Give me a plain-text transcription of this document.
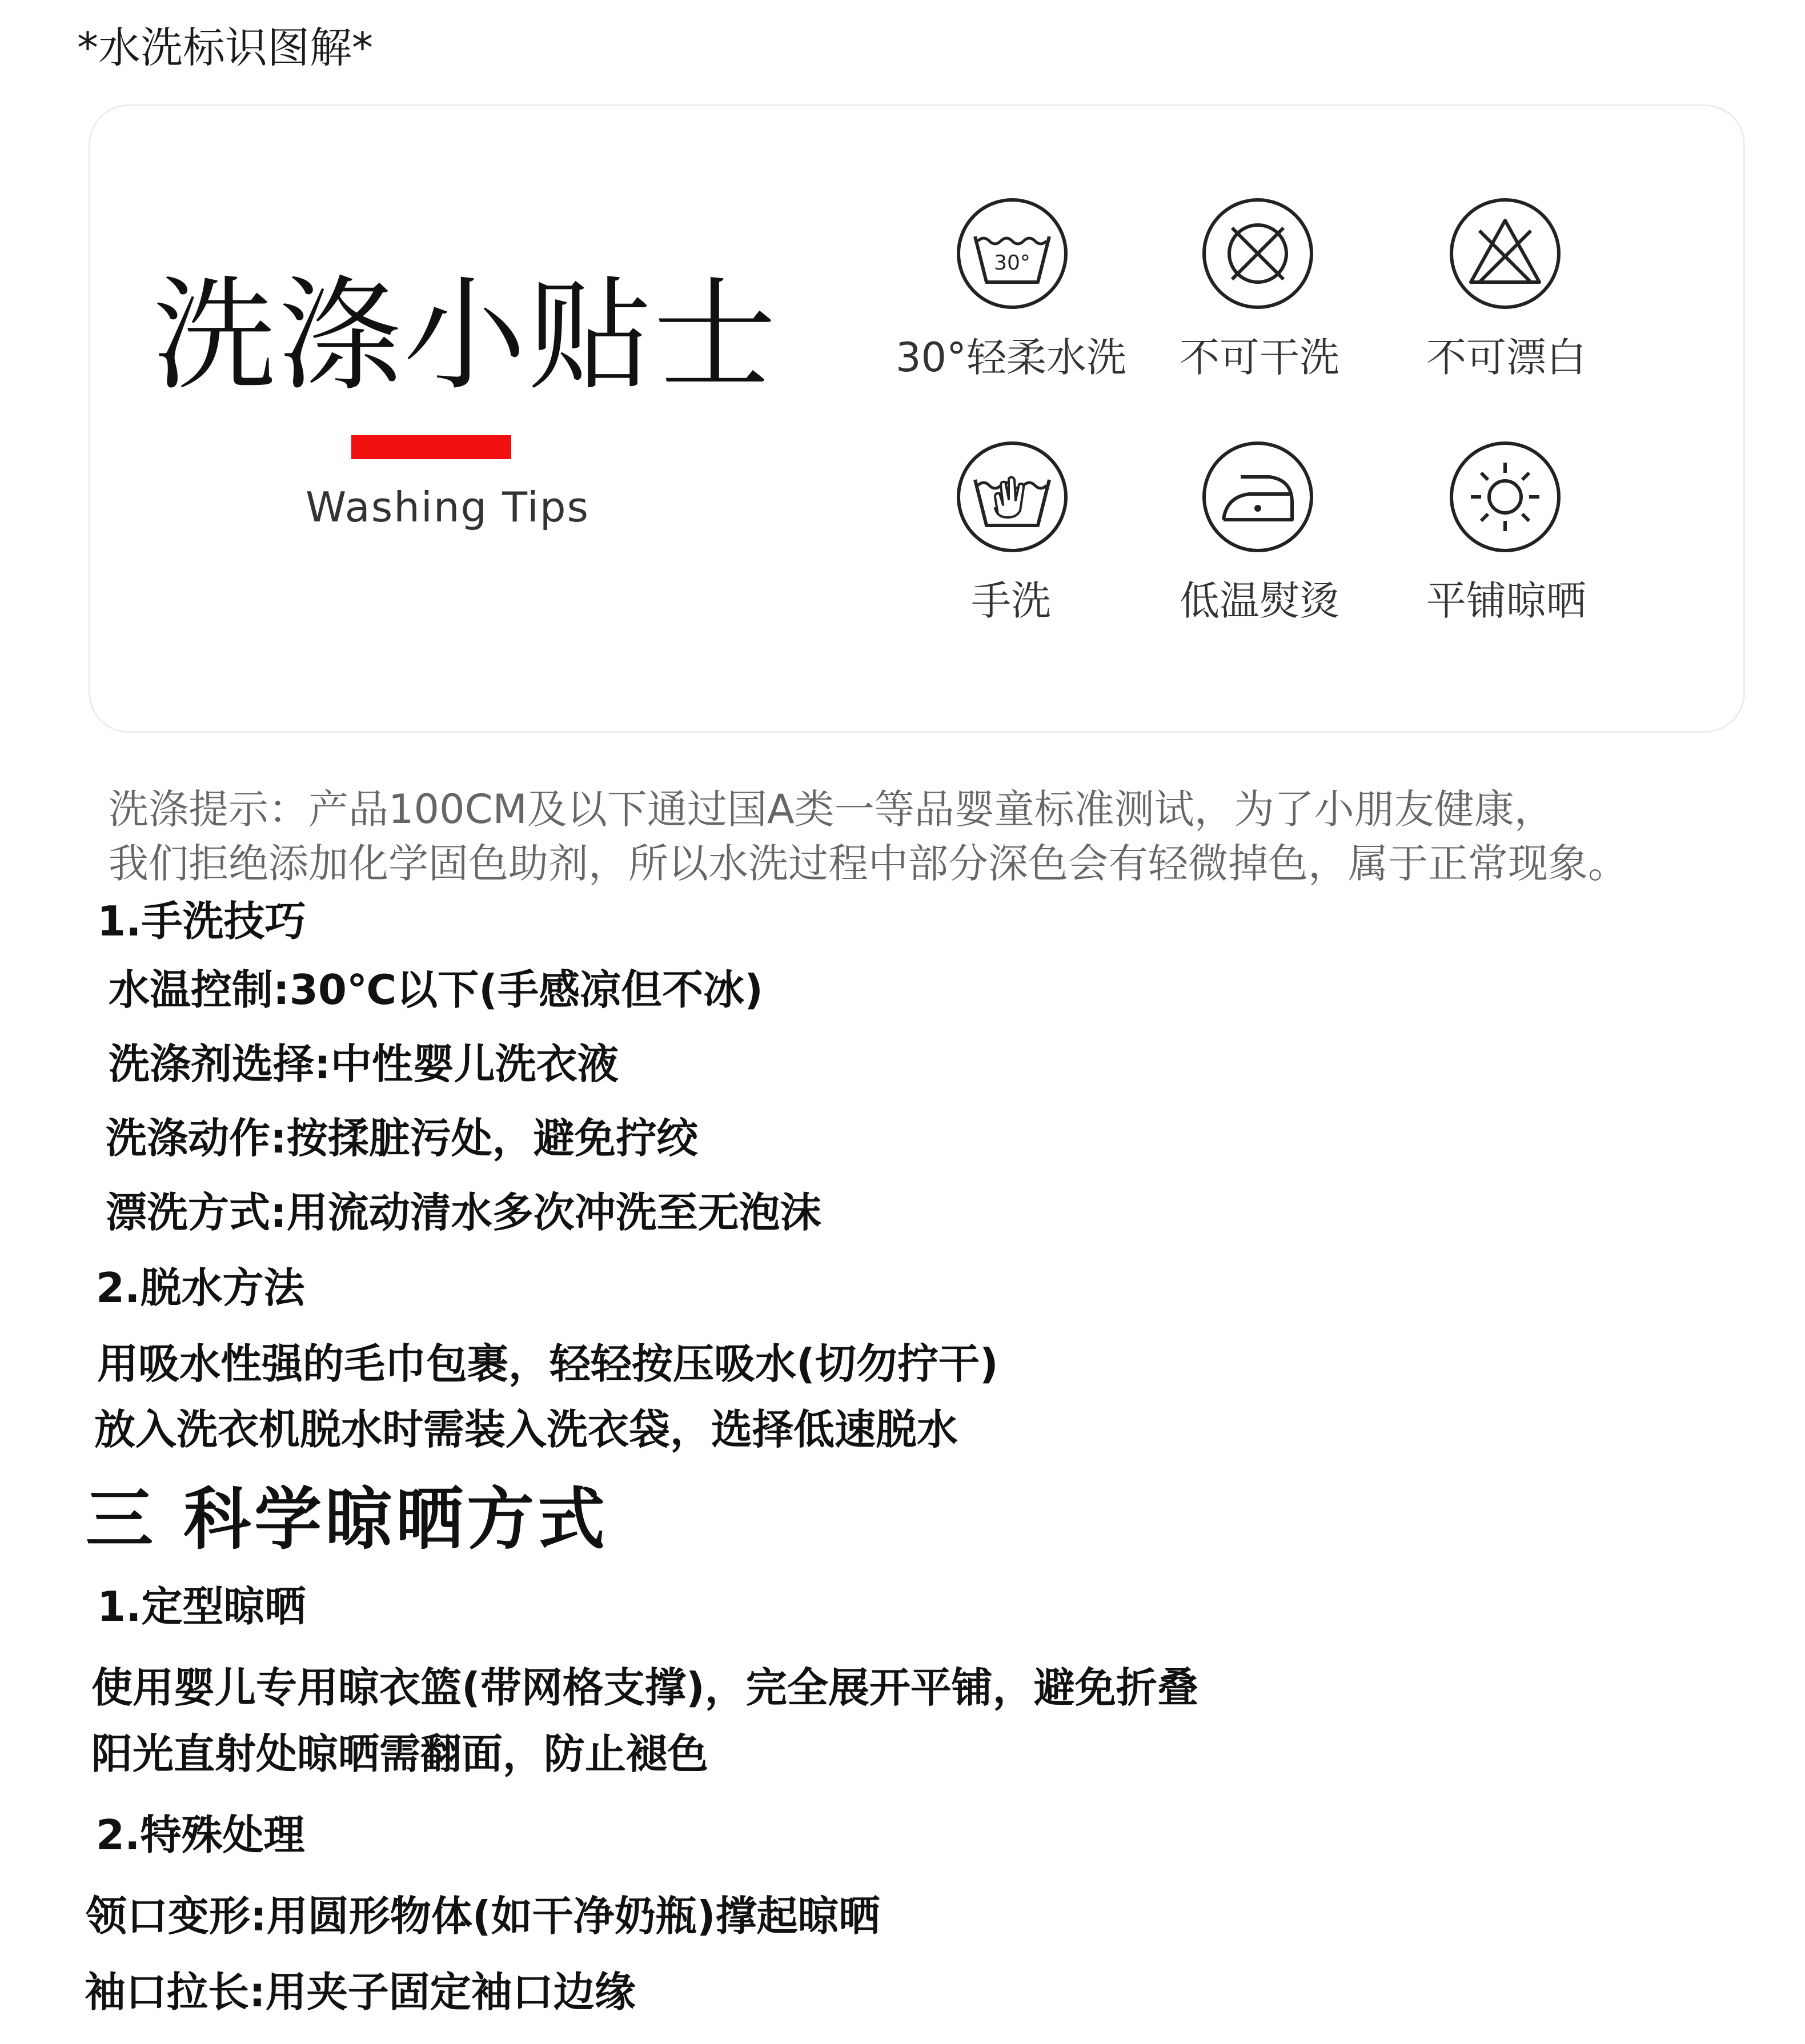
*水洗标识图解*
洗涤小贴士
Washing Tips
30°
30°轻柔水洗	不可干洗	不可漂白
手洗	低温熨烫	平铺晾晒
洗涤提示：产品100CM及以下通过国A类一等品婴童标准测试，为了小朋友健康，
我们拒绝添加化学固色助剂，所以水洗过程中部分深色会有轻微掉色，属于正常现象。
1.手洗技巧
水温控制:30℃以下(手感凉但不冰)
洗涤剂选择:中性婴儿洗衣液
洗涤动作:按揉脏污处，避免拧绞
漂洗方式:用流动清水多次冲洗至无泡沫
2.脱水方法
用吸水性强的毛巾包裹，轻轻按压吸水(切勿拧干)
放入洗衣机脱水时需装入洗衣袋，选择低速脱水
三 科学晾晒方式
1.定型晾晒
使用婴儿专用晾衣篮(带网格支撑)，完全展开平铺，避免折叠
阳光直射处晾晒需翻面，防止褪色
2.特殊处理
领口变形:用圆形物体(如干净奶瓶)撑起晾晒
袖口拉长:用夹子固定袖口边缘
